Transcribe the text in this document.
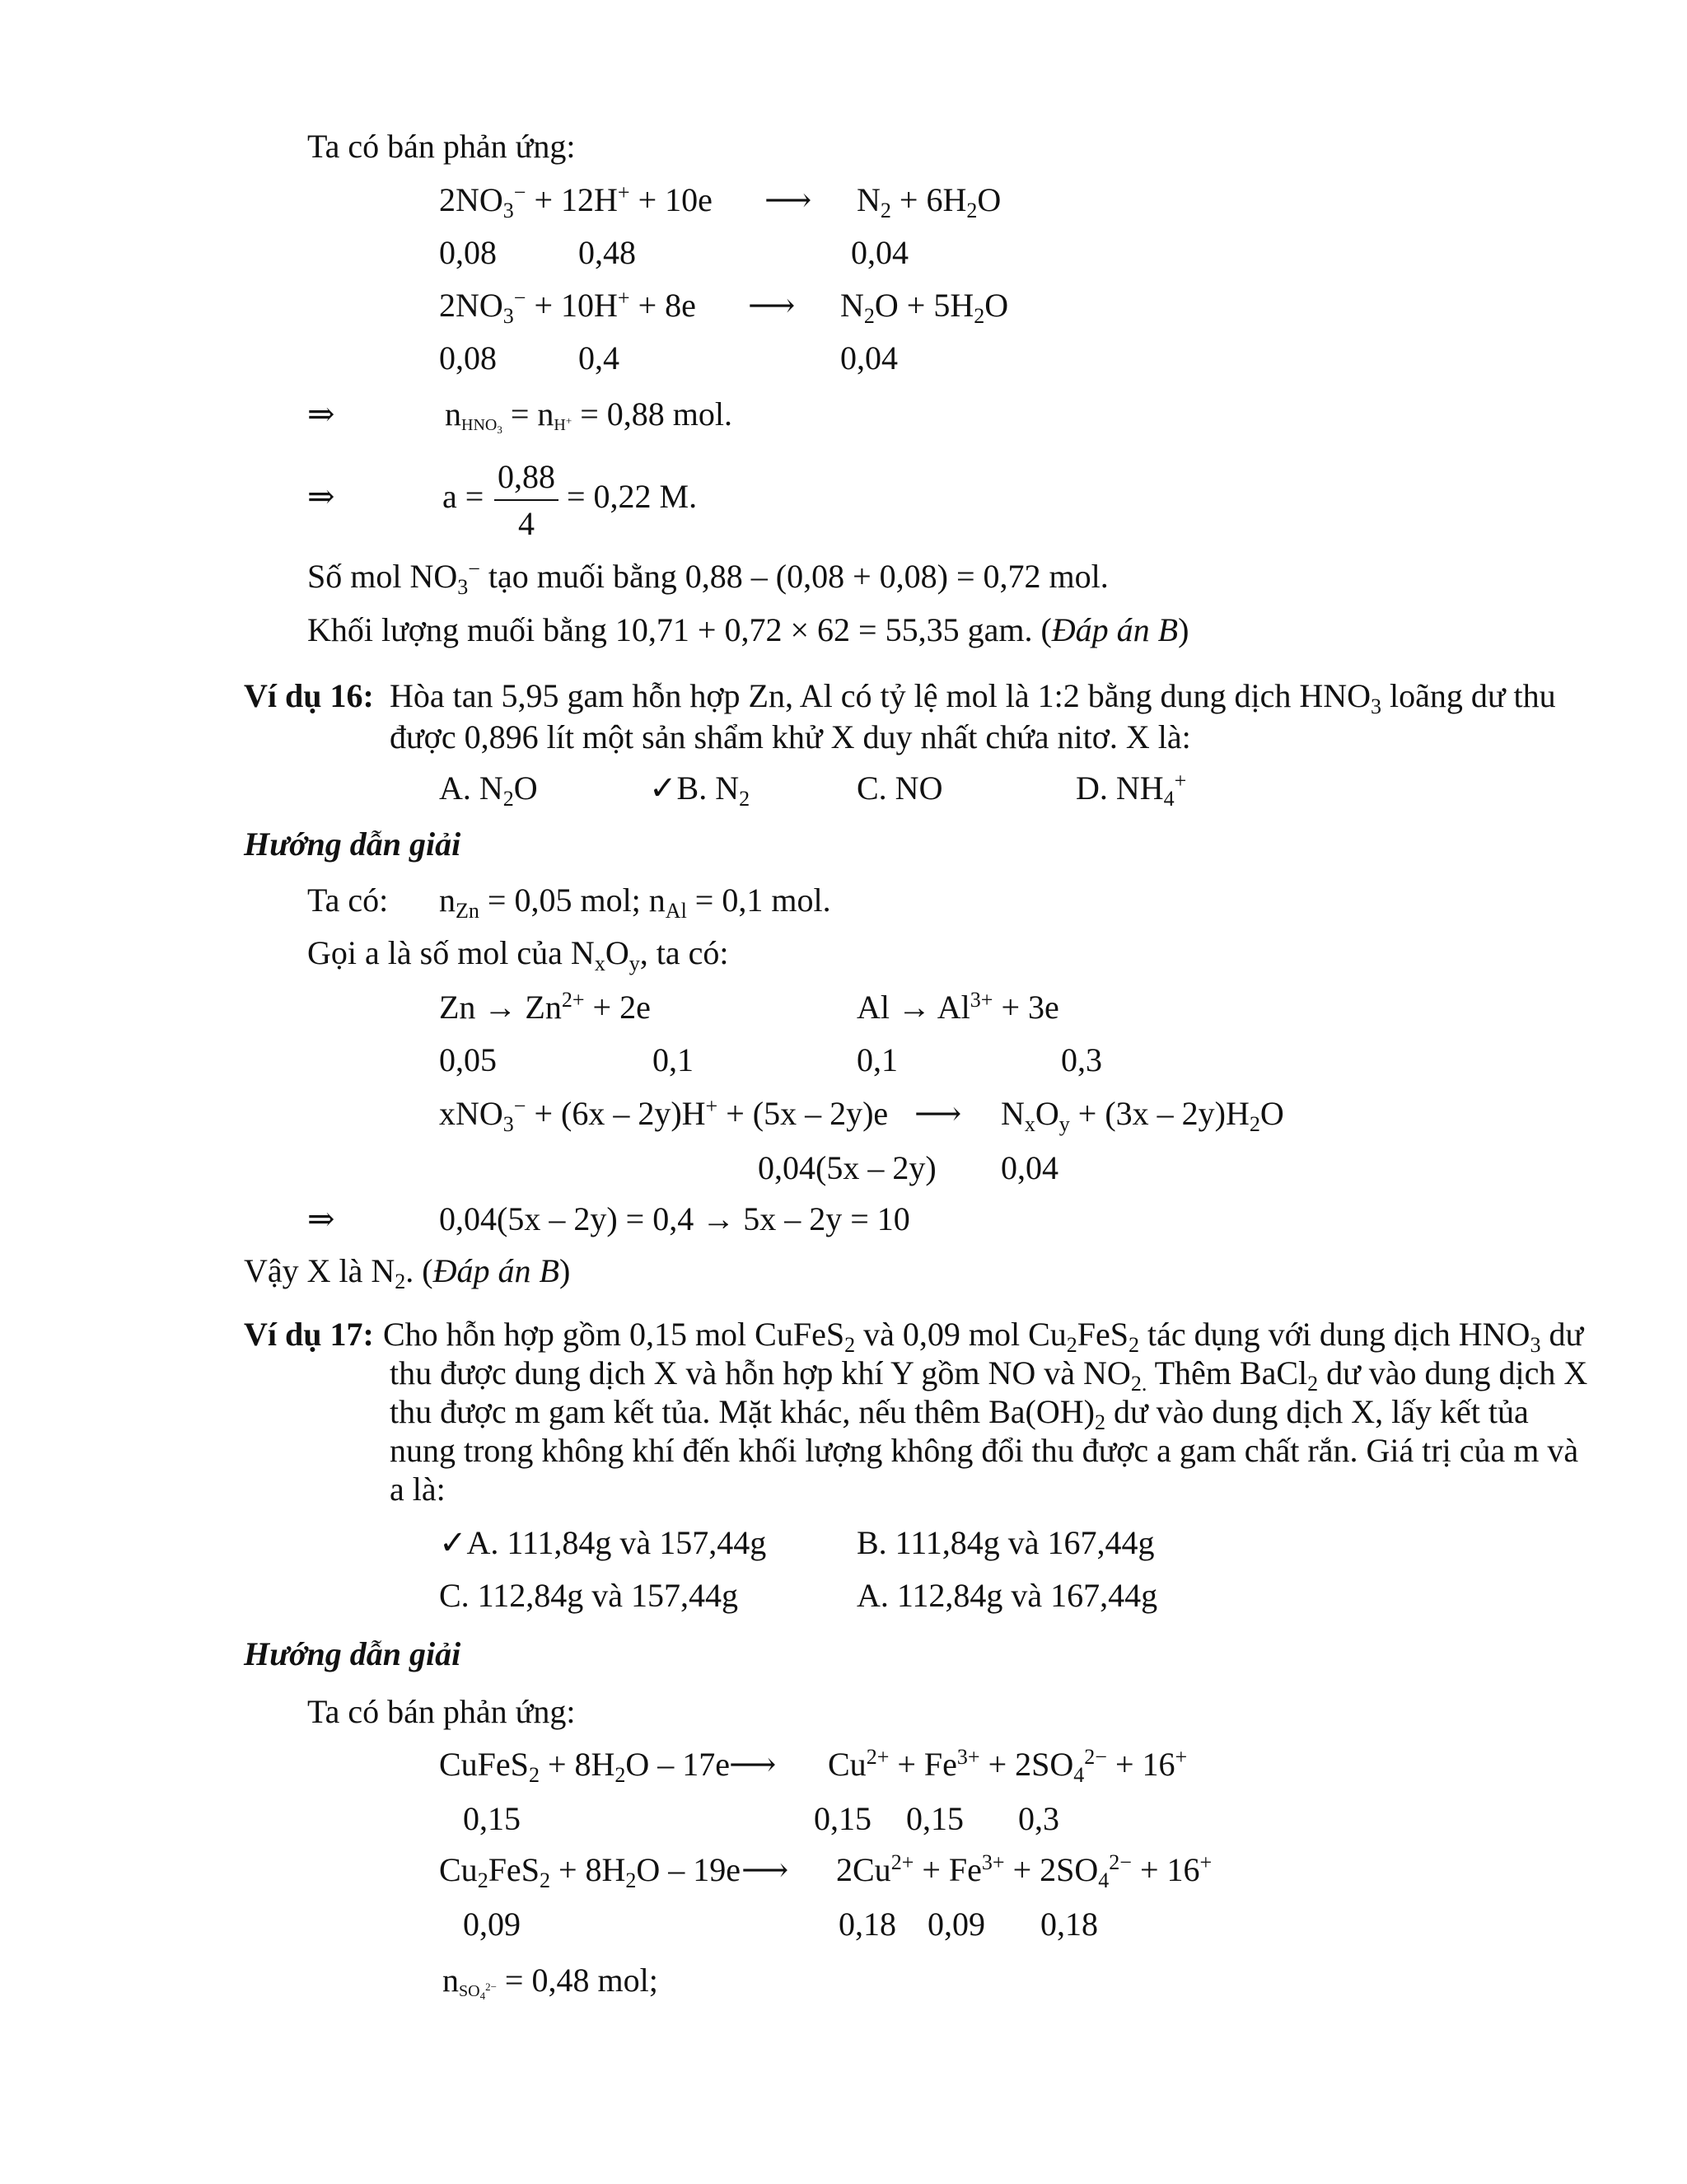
Ta có bán phản ứng:
$2NO_3^- + 12H^+ + 10e$ ⟶ $N_2 + 6H_2O$
0,08 0,48	0,04
$2NO_3^- + 10H^+ + 8e$ ⟶ $N_2O + 5H_2O$
0,08 0,4	0,04
⇒	$n_{HNO_3} = n_{H^+} = 0,88$ mol.
⇒	a =
0,88
4
= 0,22 M.
Số mol $NO_3^-$ tạo muối bằng 0,88 – (0,08 + 0,08) = 0,72 mol.
Khối lượng muối bằng 10,71 + 0,72 × 62 = 55,35 gam. (Đáp án B)
Ví dụ 16: Hòa tan 5,95 gam hỗn hợp Zn, Al có tỷ lệ mol là 1:2 bằng dung dịch $HNO_3$ loãng dư thu
được 0,896 lít một sản shẩm khử X duy nhất chứa nitơ. X là:
A. $N_2O$	✓B. $N_2$	C. NO	D. $NH_4^+$
Hướng dẫn giải
Ta có: $n_{Zn} = 0,05$ mol; $n_{Al} = 0,1$ mol.
Gọi a là số mol của $N_xO_y$, ta có:
$Zn \to Zn^{2+} + 2e$	$Al \to Al^{3+} + 3e$
0,05	0,1	0,1	0,3
xNO$_3$− + (6x – 2y)H+ + (5x – 2y)e ⟶ $N_xO_y + (3x - 2y)H_2O$
0,04(5x – 2y) 0,04
⇒	0,04(5x – 2y) = 0,4 → 5x – 2y = 10
Vậy X là $N_2$. (Đáp án B)
Ví dụ 17: Cho hỗn hợp gồm 0,15 mol CuFeS$_2$ và 0,09 mol $Cu_2FeS_2$ tác dụng với dung dịch $HNO_3$ dư
thu được dung dịch X và hỗn hợp khí Y gồm NO và $NO_{2.}$ Thêm BaCl$_2$ dư vào dung dịch X
thu được m gam kết tủa. Mặt khác, nếu thêm $Ba(OH)_2$ dư vào dung dịch X, lấy kết tủa
nung trong không khí đến khối lượng không đổi thu được a gam chất rắn. Giá trị của m và
a là:
✓A. 111,84g và 157,44g	B. 111,84g và 167,44g
C. 112,84g và 157,44g	A. 112,84g và 167,44g
Hướng dẫn giải
Ta có bán phản ứng:
CuFeS$_2$ + $8H_2O - 17e$
⟶ $Cu^{2+} + Fe^{3+} + 2SO_4^{2-} + 16^+$
0,15	0,15 0,15 0,3
$Cu_2FeS_2 + 8H_2O - 19e$ ⟶ $2Cu^{2+} + Fe^{3+} + 2SO_4^{2-} + 16^+$
0,09	0,18 0,09 0,18
$n_{SO_4^{2-}} = 0,48$ mol;
